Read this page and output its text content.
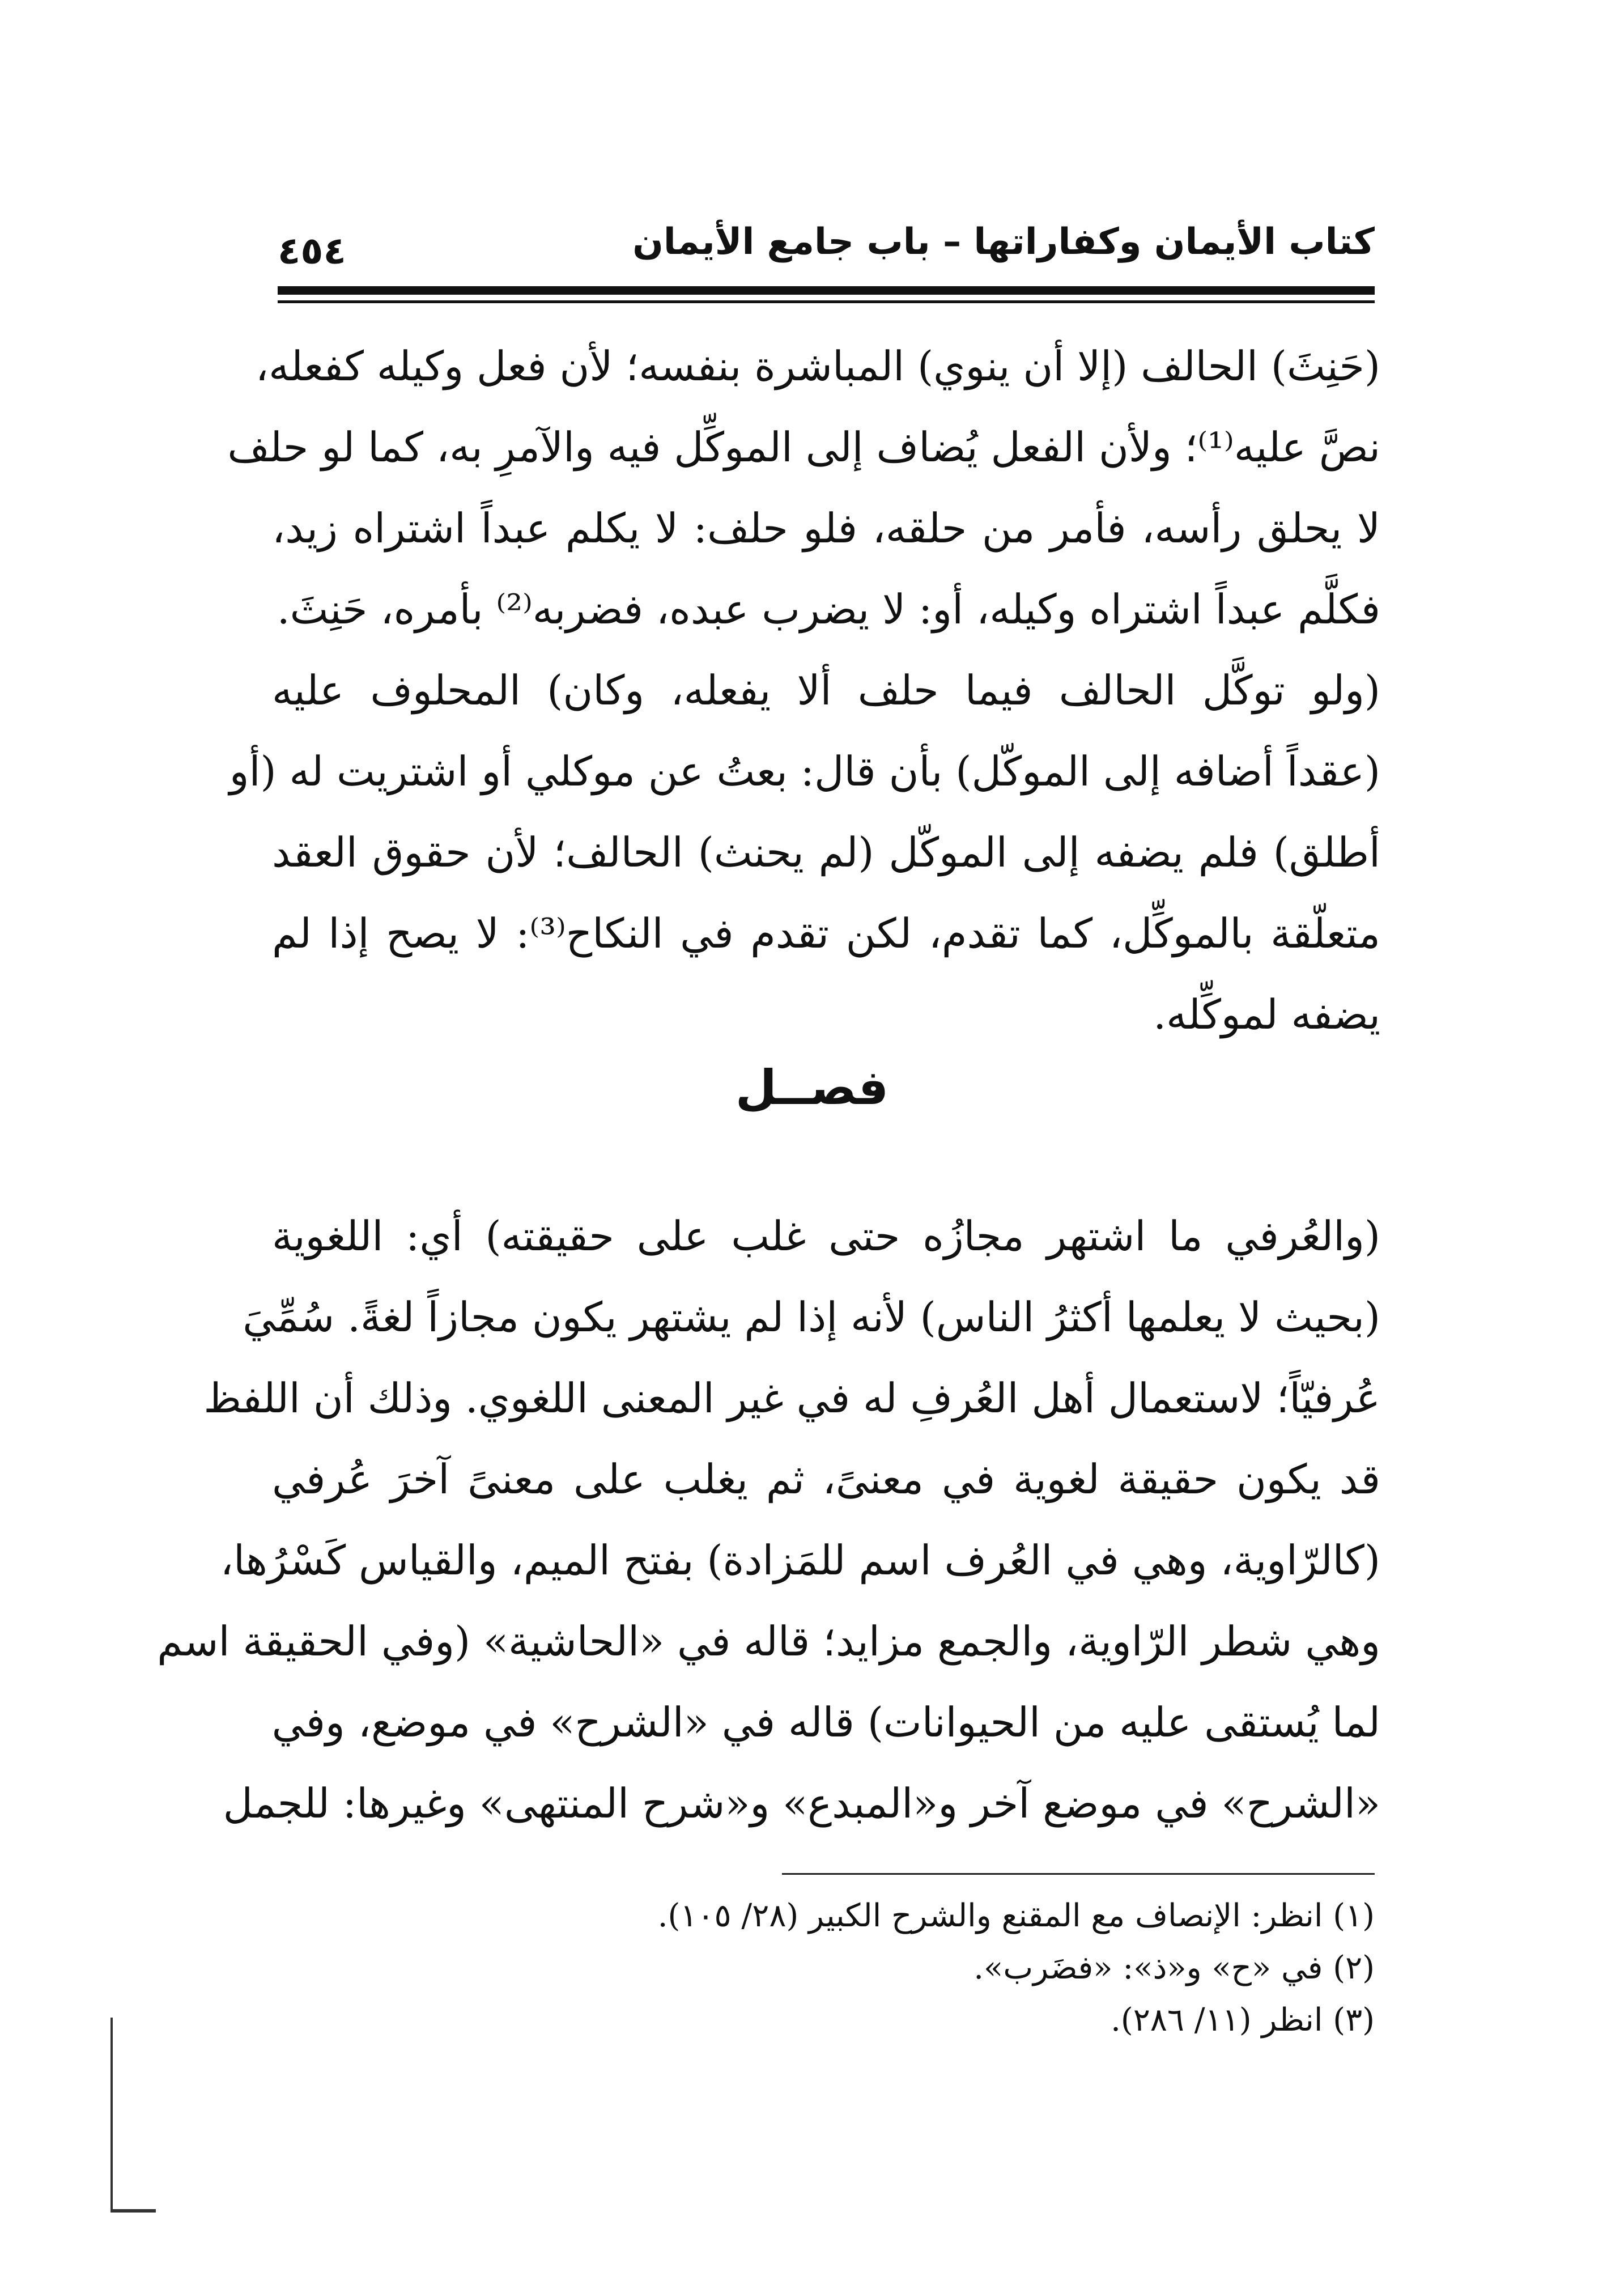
كتاب الأيمان وكفاراتها – باب جامع الأيمان
٤٥٤
(حَنِثَ) الحالف (إلا أن ينوي) المباشرة بنفسه؛ لأن فعل وكيله كفعله،
نصَّ عليه⁽¹⁾؛ ولأن الفعل يُضاف إلى الموكِّل فيه والآمرِ به، كما لو حلف
لا يحلق رأسه، فأمر من حلقه، فلو حلف: لا يكلم عبداً اشتراه زيد،
فكلَّم عبداً اشتراه وكيله، أو: لا يضرب عبده، فضربه⁽²⁾ بأمره، حَنِثَ.
(ولو توكَّل الحالف فيما حلف ألا يفعله، وكان) المحلوف عليه
(عقداً أضافه إلى الموكّل) بأن قال: بعتُ عن موكلي أو اشتريت له (أو
أطلق) فلم يضفه إلى الموكّل (لم يحنث) الحالف؛ لأن حقوق العقد
متعلّقة بالموكِّل، كما تقدم، لكن تقدم في النكاح⁽³⁾: لا يصح إذا لم
يضفه لموكِّله.
فصــل
(والعُرفي ما اشتهر مجازُه حتى غلب على حقيقته) أي: اللغوية
(بحيث لا يعلمها أكثرُ الناس) لأنه إذا لم يشتهر يكون مجازاً لغةً. سُمِّيَ
عُرفيّاً؛ لاستعمال أهل العُرفِ له في غير المعنى اللغوي. وذلك أن اللفظ
قد يكون حقيقة لغوية في معنىً، ثم يغلب على معنىً آخرَ عُرفي
(كالرّاوية، وهي في العُرف اسم للمَزادة) بفتح الميم، والقياس كَسْرُها،
وهي شطر الرّاوية، والجمع مزايد؛ قاله في «الحاشية» (وفي الحقيقة اسم
لما يُستقى عليه من الحيوانات) قاله في «الشرح» في موضع، وفي
«الشرح» في موضع آخر و«المبدع» و«شرح المنتهى» وغيرها: للجمل
(١) انظر: الإنصاف مع المقنع والشرح الكبير (٢٨/ ١٠٥).
(٢) في «ح» و«ذ»: «فضَرب».
(٣) انظر (١١/ ٢٨٦).
